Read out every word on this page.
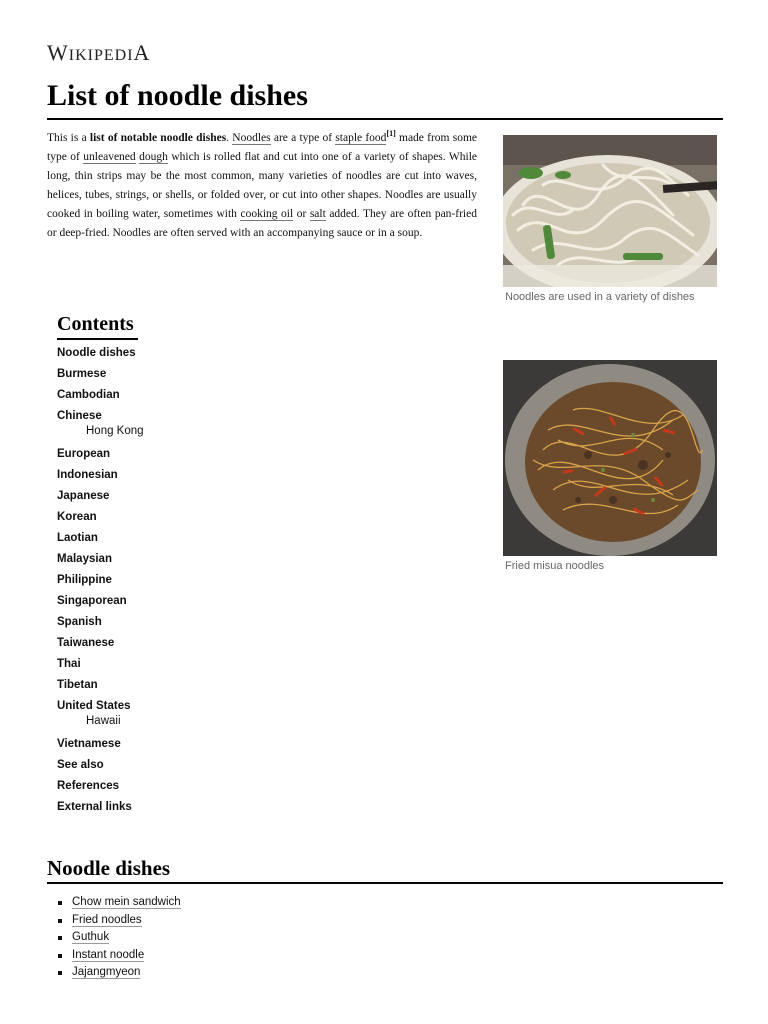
WIKIPEDIA
List of noodle dishes

This is a list of notable noodle dishes. Noodles are a type of staple food[1] made from some type of unleavened dough which is rolled flat and cut into one of a variety of shapes. While long, thin strips may be the most common, many varieties of noodles are cut into waves, helices, tubes, strings, or shells, or folded over, or cut into other shapes. Noodles are usually cooked in boiling water, sometimes with cooking oil or salt added. They are often pan-fried or deep-fried. Noodles are often served with an accompanying sauce or in a soup.

Noodles are used in a variety of dishes
Fried misua noodles
Contents
Noodle dishes
Burmese
Cambodian
Chinese
Hong Kong
European
Indonesian
Japanese
Korean
Laotian
Malaysian
Philippine
Singaporean
Spanish
Taiwanese
Thai
Tibetan
United States
Hawaii
Vietnamese
See also
References
External links
Noodle dishes
Chow mein sandwich
Fried noodles
Guthuk
Instant noodle
Jajangmyeon
